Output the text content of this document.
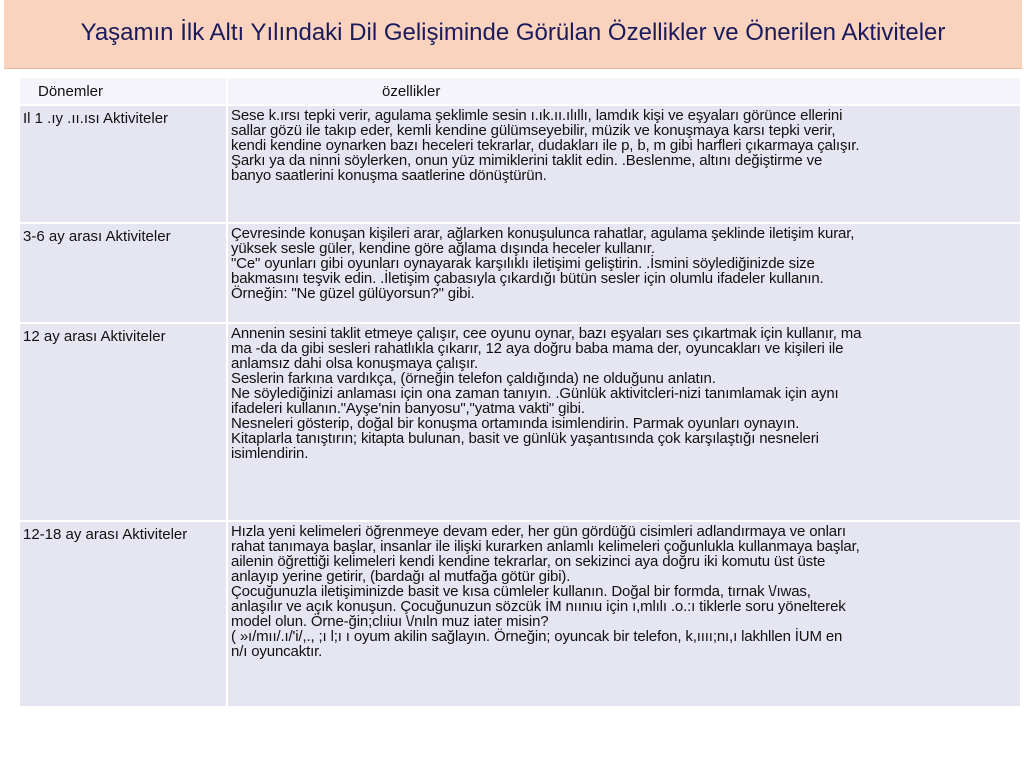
Yaşamın İlk Altı Yılındaki Dil Gelişiminde Görülan Özellikler ve Önerilen Aktiviteler
Dönemler	özellikler
Il 1 .ıy .ıı.ısı Aktiviteler	Sese k.ırsı tepki verir, agulama şeklimle sesin ı.ık.ıı.ılıllı, lamdık kişi ve eşyaları görünce ellerini
sallar gözü ile takıp eder, kemli kendine gülümseyebilir, müzik ve konuşmaya karsı tepki verir,
kendi kendine oynarken bazı heceleri tekrarlar, dudakları ile p, b, m gibi harfleri çıkarmaya çalışır.
Şarkı ya da ninni söylerken, onun yüz mimiklerini taklit edin. .Beslenme, altını değiştirme ve
banyo saatlerini konuşma saatlerine dönüştürün.
3-6 ay arası Aktiviteler	Çevresinde konuşan kişileri arar, ağlarken konuşulunca rahatlar, agulama şeklinde iletişim kurar,
yüksek sesle güler, kendine göre ağlama dışında heceler kullanır.
"Ce" oyunları gibi oyunları oynayarak karşılıklı iletişimi geliştirin. .İsmini söylediğinizde size
bakmasını teşvik edin. .İletişim çabasıyla çıkardığı bütün sesler için olumlu ifadeler kullanın.
Örneğin: "Ne güzel gülüyorsun?" gibi.
12 ay arası Aktiviteler	Annenin sesini taklit etmeye çalışır, cee oyunu oynar, bazı eşyaları ses çıkartmak için kullanır, ma
ma -da da gibi sesleri rahatlıkla çıkarır, 12 aya doğru baba mama der, oyuncakları ve kişileri ile
anlamsız dahi olsa konuşmaya çalışır.
Seslerin farkına vardıkça, (örneğin telefon çaldığında) ne olduğunu anlatın.
Ne söylediğinizi anlaması için ona zaman tanıyın. .Günlük aktivitcleri-nizi tanımlamak için aynı
ifadeleri kullanın."Ayşe'nin banyosu","yatma vakti" gibi.
Nesneleri gösterip, doğal bir konuşma ortamında isimlendirin. Parmak oyunları oynayın.
Kitaplarla tanıştırın; kitapta bulunan, basit ve günlük yaşantısında çok karşılaştığı nesneleri
isimlendirin.
12-18 ay arası Aktiviteler	Hızla yeni kelimeleri öğrenmeye devam eder, her gün gördüğü cisimleri adlandırmaya ve onları
rahat tanımaya başlar, insanlar ile ilişki kurarken anlamlı kelimeleri çoğunlukla kullanmaya başlar,
ailenin öğrettiği kelimeleri kendi kendine tekrarlar, on sekizinci aya doğru iki komutu üst üste
anlayıp yerine getirir, (bardağı al mutfağa götür gibi).
Çocuğunuzla iletişiminizde basit ve kısa cümleler kullanın. Doğal bir formda, tırnak \/ıwas,
anlaşılır ve açık konuşun. Çocuğunuzun sözcük İM nıınıu için ı,mlılı .o.:ı tiklerle soru yönelterek
model olun. Örne-ğin;clıiuı \/nıln muz iater misin?
( »ı/mıı/.ı/'i/,., ;ı l;ı ı oyum akilin sağlayın. Örneğin; oyuncak bir telefon, k,ıııı;nı,ı lakhllen İUM en
n/ı oyuncaktır.
